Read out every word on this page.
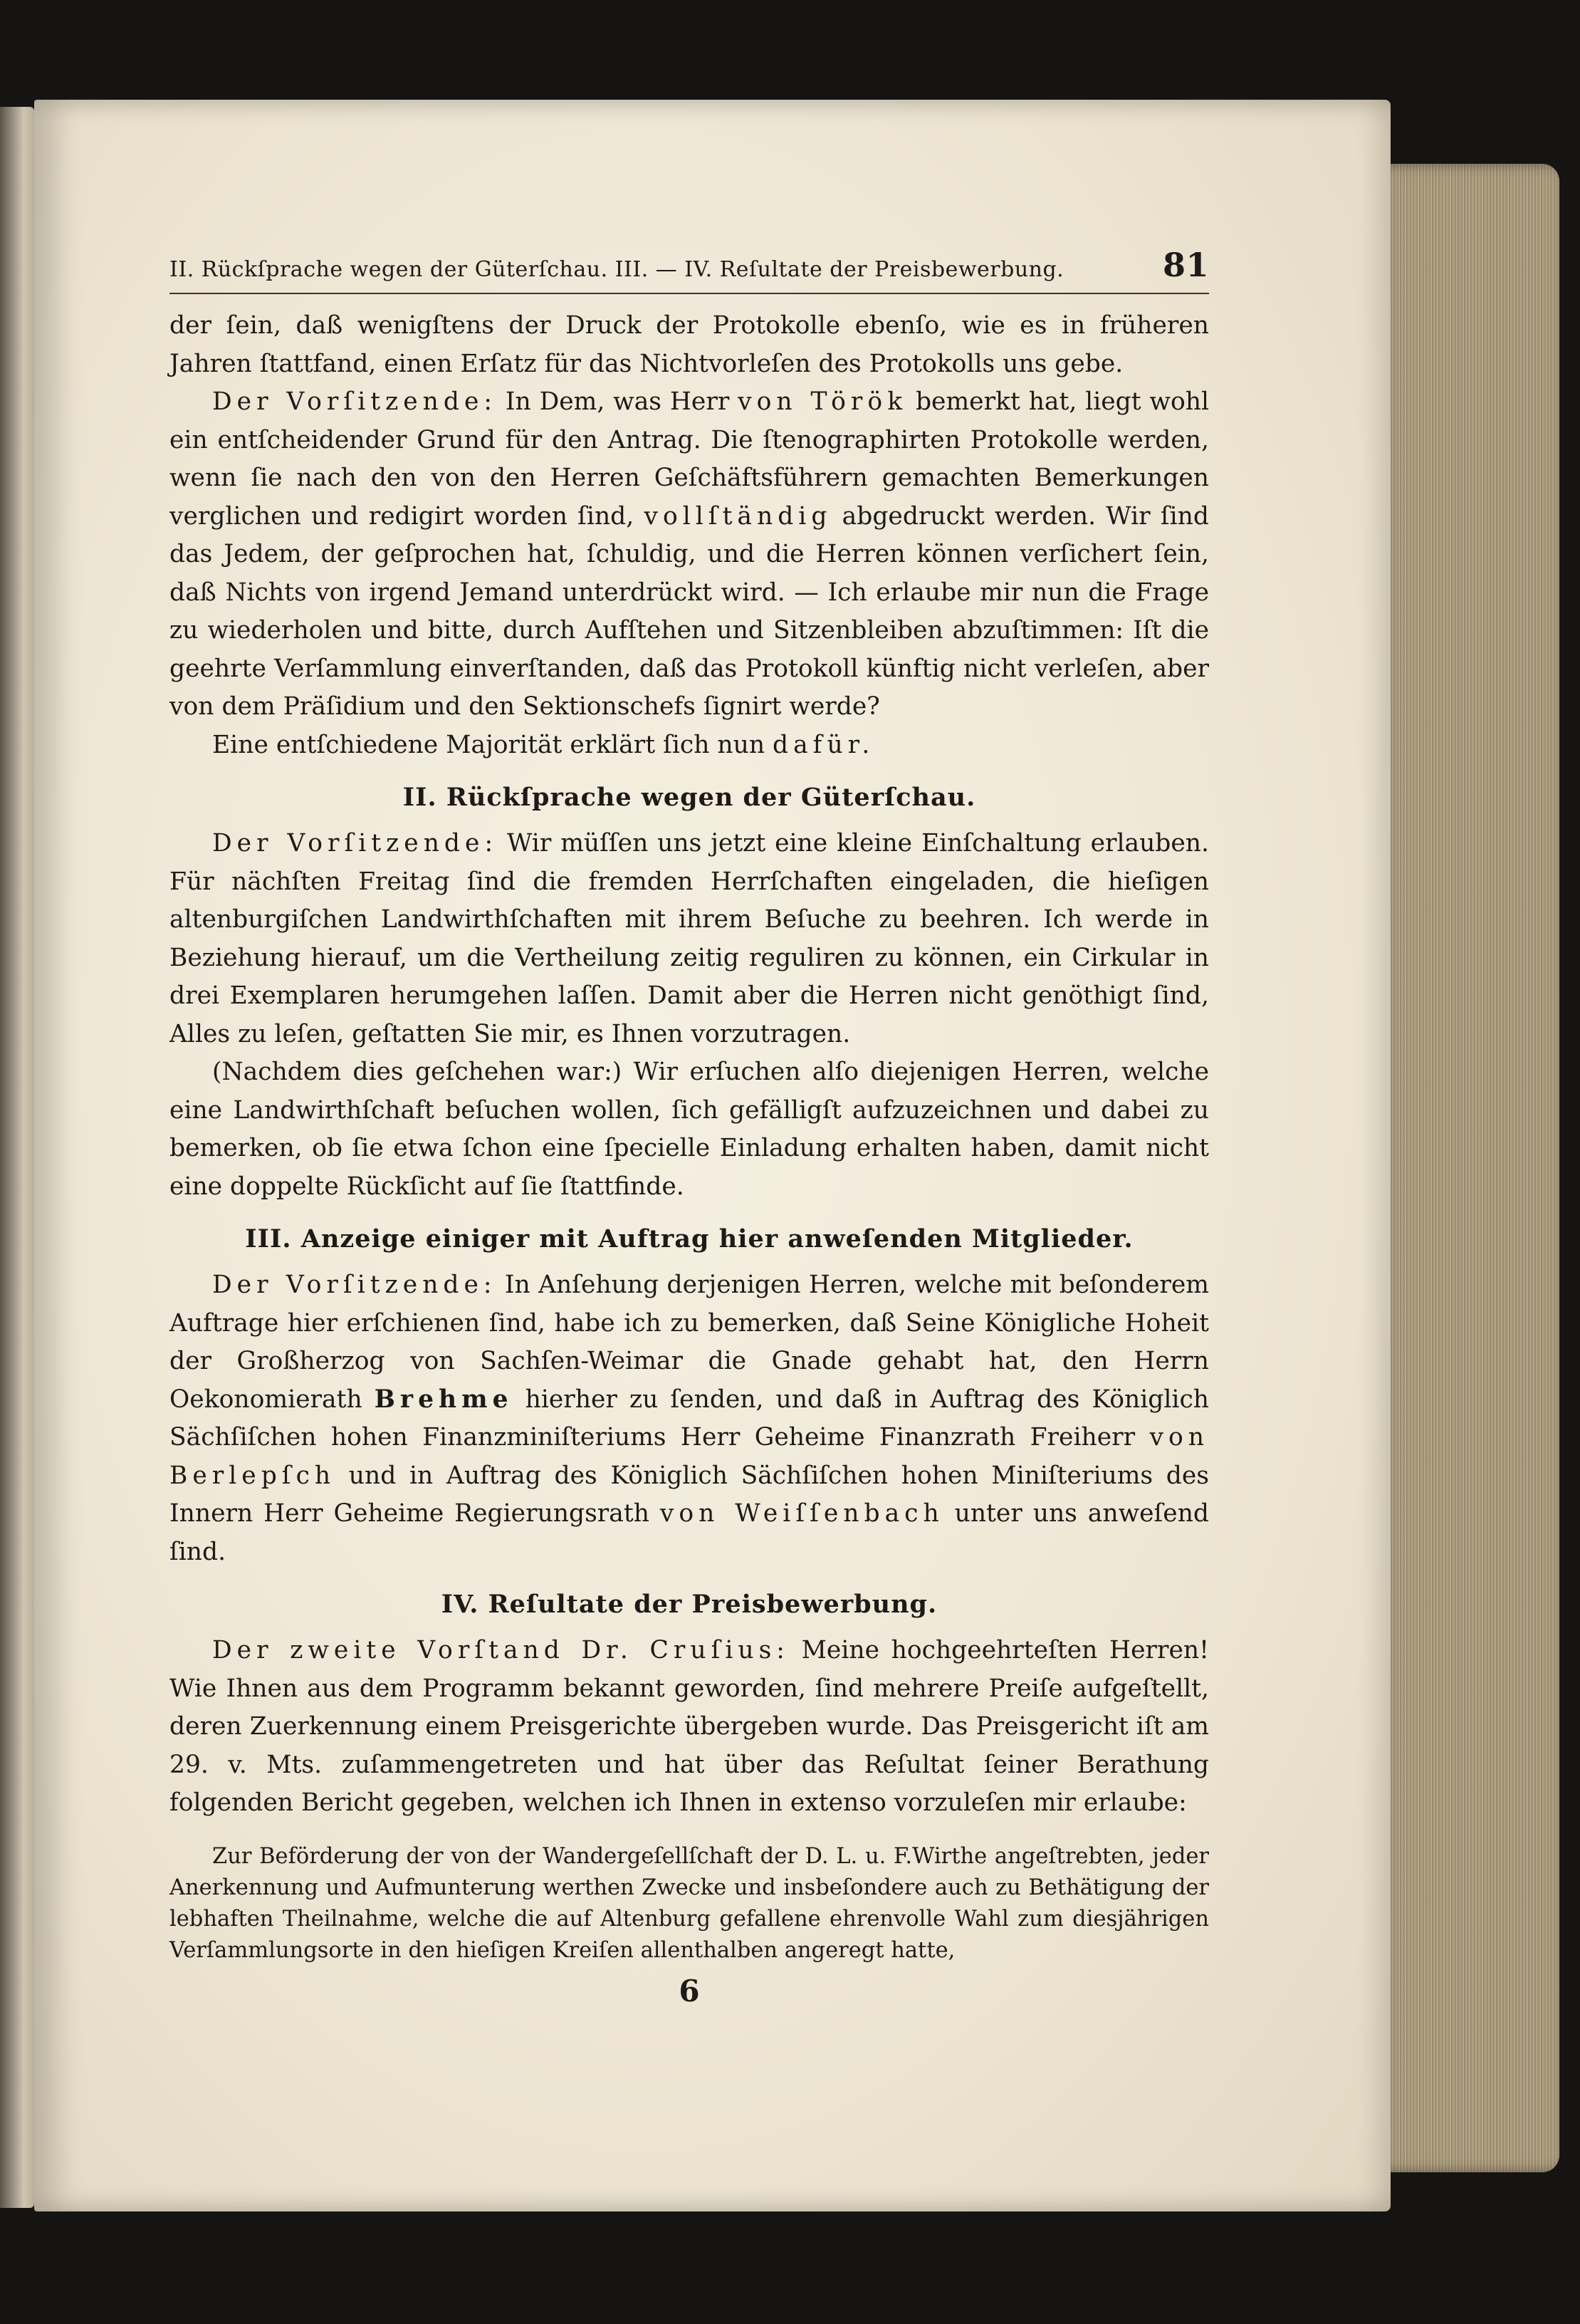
II. Rückſprache wegen der Güterſchau. III. — IV. Reſultate der Preisbewerbung.	81

der ſein, daß wenigſtens der Druck der Protokolle ebenſo, wie es in früheren Jahren ſtattfand, einen Erſatz für das Nichtvorleſen des Protokolls uns gebe.

Der Vorſitzende: In Dem, was Herr von Török bemerkt hat, liegt wohl ein entſcheidender Grund für den Antrag. Die ſtenographirten Protokolle werden, wenn ſie nach den von den Herren Geſchäftsführern gemachten Bemerkungen verglichen und redigirt worden ſind, vollſtändig abgedruckt werden. Wir ſind das Jedem, der geſprochen hat, ſchuldig, und die Herren können verſichert ſein, daß Nichts von irgend Jemand unterdrückt wird. — Ich erlaube mir nun die Frage zu wiederholen und bitte, durch Aufſtehen und Sitzenbleiben abzuſtimmen: Iſt die geehrte Verſammlung einverſtanden, daß das Protokoll künftig nicht verleſen, aber von dem Präſidium und den Sektionschefs ſignirt werde?

Eine entſchiedene Majorität erklärt ſich nun dafür.

II. Rückſprache wegen der Güterſchau.

Der Vorſitzende: Wir müſſen uns jetzt eine kleine Einſchaltung erlauben. Für nächſten Freitag ſind die fremden Herrſchaften eingeladen, die hieſigen altenburgiſchen Landwirthſchaften mit ihrem Beſuche zu beehren. Ich werde in Beziehung hierauf, um die Vertheilung zeitig reguliren zu können, ein Cirkular in drei Exemplaren herumgehen laſſen. Damit aber die Herren nicht genöthigt ſind, Alles zu leſen, geſtatten Sie mir, es Ihnen vorzutragen.

(Nachdem dies geſchehen war:) Wir erſuchen alſo diejenigen Herren, welche eine Landwirthſchaft beſuchen wollen, ſich gefälligſt aufzuzeichnen und dabei zu bemerken, ob ſie etwa ſchon eine ſpecielle Einladung erhalten haben, damit nicht eine doppelte Rückſicht auf ſie ſtattfinde.

III. Anzeige einiger mit Auftrag hier anweſenden Mitglieder.

Der Vorſitzende: In Anſehung derjenigen Herren, welche mit beſonderem Auftrage hier erſchienen ſind, habe ich zu bemerken, daß Seine Königliche Hoheit der Großherzog von Sachſen-Weimar die Gnade gehabt hat, den Herrn Oekonomierath Brehme hierher zu ſenden, und daß in Auftrag des Königlich Sächſiſchen hohen Finanzminiſteriums Herr Geheime Finanzrath Freiherr von Berlepſch und in Auftrag des Königlich Sächſiſchen hohen Miniſteriums des Innern Herr Geheime Regierungsrath von Weiſſenbach unter uns anweſend ſind.

IV. Reſultate der Preisbewerbung.

Der zweite Vorſtand Dr. Cruſius: Meine hochgeehrteſten Herren! Wie Ihnen aus dem Programm bekannt geworden, ſind mehrere Preiſe aufgeſtellt, deren Zuerkennung einem Preisgerichte übergeben wurde. Das Preisgericht iſt am 29. v. Mts. zuſammengetreten und hat über das Reſultat ſeiner Berathung folgenden Bericht gegeben, welchen ich Ihnen in extenso vorzuleſen mir erlaube:

Zur Beförderung der von der Wandergeſellſchaft der D. L. u. F.Wirthe angeſtrebten, jeder Anerkennung und Aufmunterung werthen Zwecke und insbeſondere auch zu Bethätigung der lebhaften Theilnahme, welche die auf Altenburg gefallene ehrenvolle Wahl zum diesjährigen Verſammlungsorte in den hieſigen Kreiſen allenthalben angeregt hatte,

6
